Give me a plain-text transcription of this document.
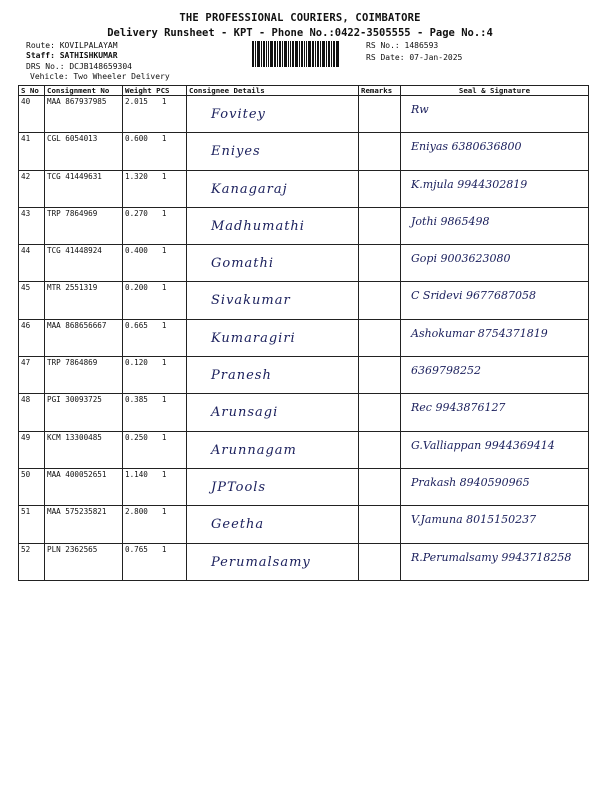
THE PROFESSIONAL COURIERS, COIMBATORE
Delivery Runsheet - KPT - Phone No.:0422-3505555 - Page No.:4
Route: KOVILPALAYAM
Staff: SATHISHKUMAR
DRS No.: DCJB148659304
Vehicle: Two Wheeler Delivery
RS No.: 1486593
RS Date: 07-Jan-2025
S No	Consignment No	Weight PCS	Consignee Details	Remarks	Seal & Signature
40	MAA 867937985	2.015 1	Fovitey		Rw

41	CGL 6054013	0.600 1	Eniyes		Eniyas 6380636800

42	TCG 41449631	1.320 1	Kanagaraj		K.mjula 9944302819

43	TRP 7864969	0.270 1	Madhumathi		Jothi 9865498

44	TCG 41448924	0.400 1	Gomathi		Gopi 9003623080

45	MTR 2551319	0.200 1	Sivakumar		C Sridevi 9677687058

46	MAA 868656667	0.665 1	Kumaragiri		Ashokumar 8754371819

47	TRP 7864869	0.120 1	Pranesh		6369798252

48	PGI 30093725	0.385 1	Arunsagi		Rec 9943876127

49	KCM 13300485	0.250 1	Arunnagam		G.Valliappan 9944369414

50	MAA 400052651	1.140 1	JPTools		Prakash 8940590965

51	MAA 575235821	2.800 1	Geetha		V.Jamuna 8015150237

52	PLN 2362565	0.765 1	Perumalsamy		R.Perumalsamy 9943718258
